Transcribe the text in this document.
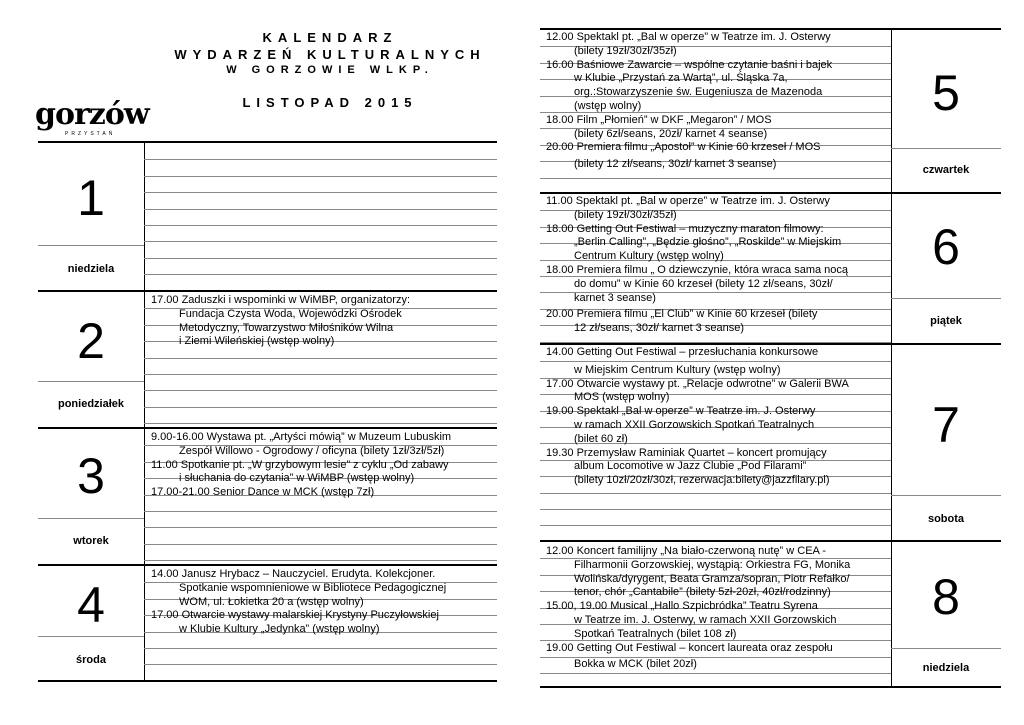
KALENDARZ
WYDARZEŃ KULTURALNYCH
W GORZOWIE WLKP.
LISTOPAD 2015
gorzów
PRZYSTAŃ
1
niedziela
2
poniedziałek
17.00 Zaduszki i wspominki w WiMBP, organizatorzy:
Fundacja Czysta Woda, Wojewódzki Ośrodek
Metodyczny, Towarzystwo Miłośników Wilna
i Ziemi Wileńskiej (wstęp wolny)
3
wtorek
9.00-16.00 Wystawa pt. „Artyści mówią” w Muzeum Lubuskim
Zespół Willowo - Ogrodowy / oficyna (bilety 1zł/3zł/5zł)
11.00 Spotkanie pt. „W grzybowym lesie” z cyklu „Od zabawy
i słuchania do czytania” w WiMBP (wstęp wolny)
17.00-21.00 Senior Dance w MCK (wstęp 7zł)
4
środa
14.00 Janusz Hrybacz – Nauczyciel. Erudyta. Kolekcjoner.
Spotkanie wspomnieniowe w Bibliotece Pedagogicznej
WOM, ul. Łokietka 20 a (wstęp wolny)
17.00 Otwarcie wystawy malarskiej Krystyny Puczyłowskiej
w Klubie Kultury „Jedynka” (wstęp wolny)
5
czwartek
12.00 Spektakl pt. „Bal w operze” w Teatrze im. J. Osterwy
(bilety 19zł/30zł/35zł)
16.00 Baśniowe Zawarcie – wspólne czytanie baśni i bajek
w Klubie „Przystań za Wartą”, ul. Śląska 7a,
org.:Stowarzyszenie św. Eugeniusza de Mazenoda
(wstęp wolny)
18.00 Film „Płomień” w DKF „Megaron” / MOS
(bilety 6zł/seans, 20zł/ karnet 4 seanse)
20.00 Premiera filmu „Apostoł” w Kinie 60 krzeseł / MOS
(bilety 12 zł/seans, 30zł/ karnet 3 seanse)
6
piątek
11.00 Spektakl pt. „Bal w operze” w Teatrze im. J. Osterwy
(bilety 19zł/30zł/35zł)
18.00 Getting Out Festiwal – muzyczny maraton filmowy:
„Berlin Calling”, „Będzie głośno”, „Roskilde” w Miejskim
Centrum Kultury (wstęp wolny)
18.00 Premiera filmu „ O dziewczynie, która wraca sama nocą
do domu” w Kinie 60 krzeseł (bilety 12 zł/seans, 30zł/
karnet 3 seanse)
20.00 Premiera filmu „El Club” w Kinie 60 krzeseł (bilety
12 zł/seans, 30zł/ karnet 3 seanse)
7
sobota
14.00 Getting Out Festiwal – przesłuchania konkursowe
w Miejskim Centrum Kultury (wstęp wolny)
17.00 Otwarcie wystawy pt. „Relacje odwrotne” w Galerii BWA
MOS (wstęp wolny)
19.00 Spektakl „Bal w operze” w Teatrze im. J. Osterwy
w ramach XXII Gorzowskich Spotkań Teatralnych
(bilet 60 zł)
19.30 Przemysław Raminiak Quartet – koncert promujący
album Locomotive w Jazz Clubie „Pod Filarami”
(bilety 10zł/20zł/30zł, rezerwacja:bilety@jazzfilary.pl)
8
niedziela
12.00 Koncert familijny „Na biało-czerwoną nutę” w CEA -
Filharmonii Gorzowskiej, wystąpią: Orkiestra FG, Monika
Wolińska/dyrygent, Beata Gramza/sopran, Piotr Refałko/
tenor, chór „Cantabile” (bilety 5zł-20zł, 40zł/rodzinny)
15.00, 19.00 Musical „Hallo Szpicbródka” Teatru Syrena
w Teatrze im. J. Osterwy, w ramach XXII Gorzowskich
Spotkań Teatralnych (bilet 108 zł)
19.00 Getting Out Festiwal – koncert laureata oraz zespołu
Bokka w MCK (bilet 20zł)
